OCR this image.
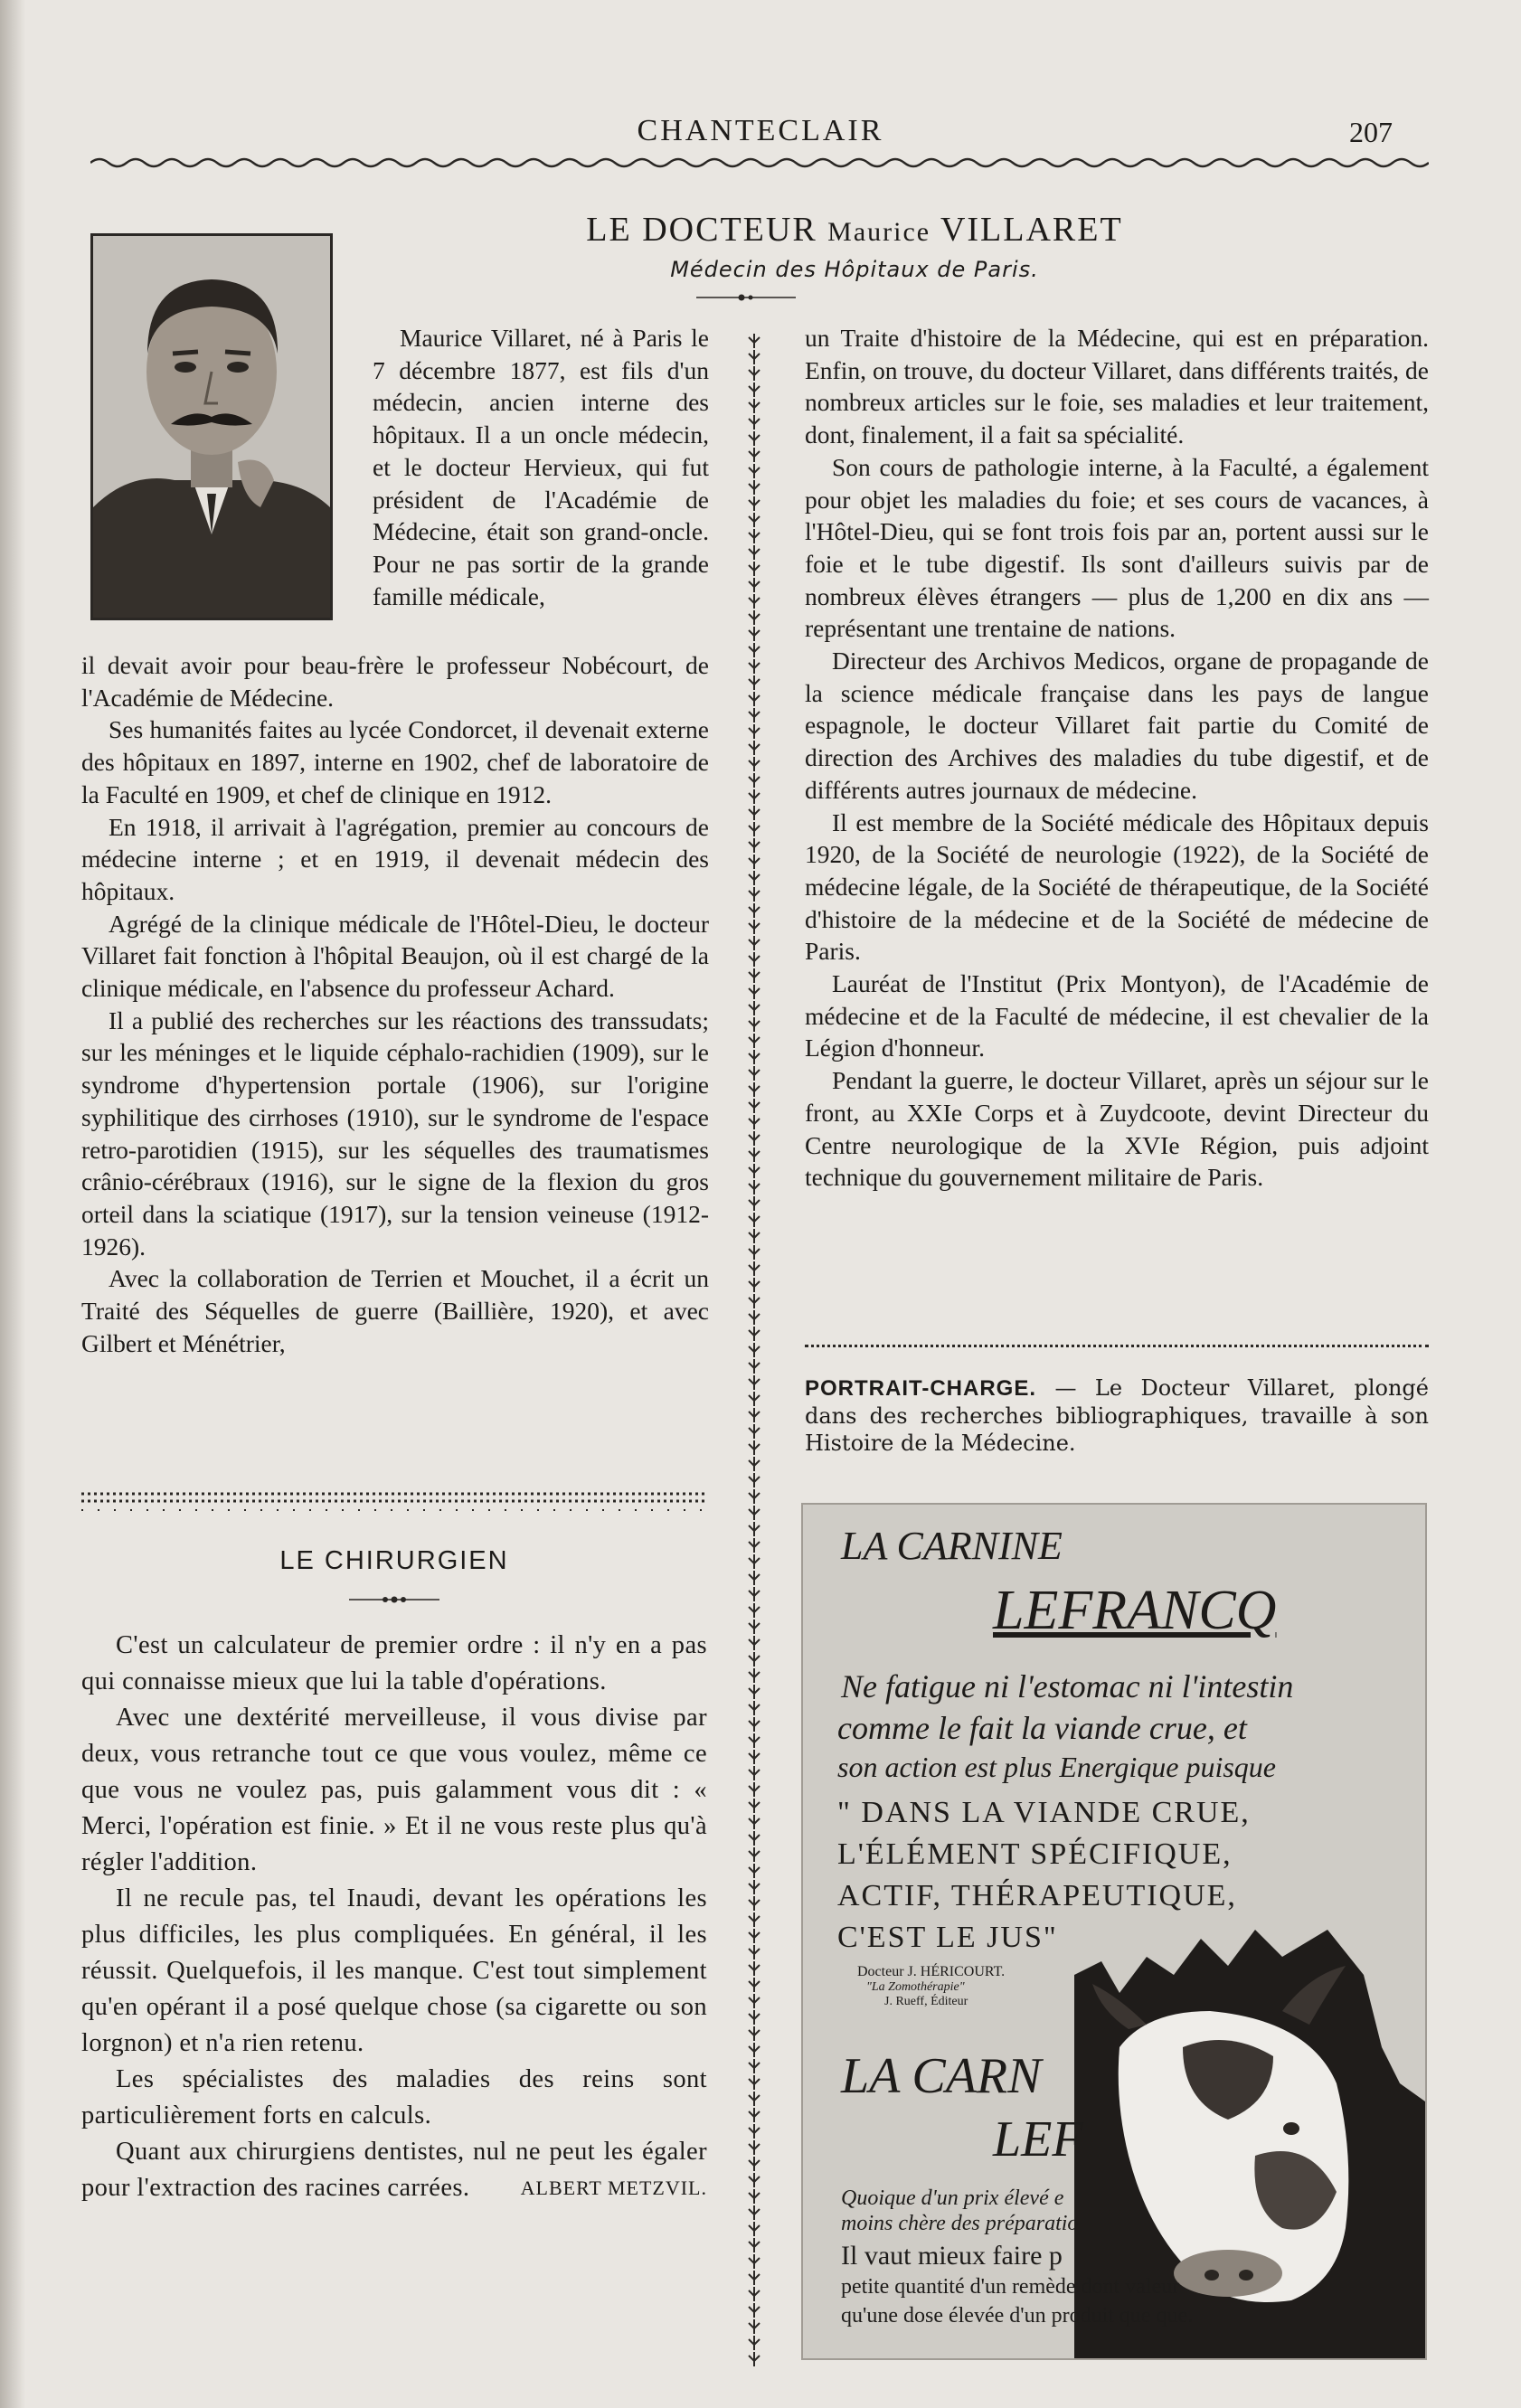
CHANTECLAIR	207
LE DOCTEUR Maurice VILLARET
Médecin des Hôpitaux de Paris.

Maurice Villaret, né à Paris le 7 décembre 1877, est fils d'un médecin, ancien interne des hôpitaux. Il a un oncle médecin, et le docteur Hervieux, qui fut président de l'Académie de Médecine, était son grand-oncle. Pour ne pas sortir de la grande famille médicale,

il devait avoir pour beau-frère le professeur Nobécourt, de l'Académie de Médecine.

Ses humanités faites au lycée Condorcet, il devenait externe des hôpitaux en 1897, interne en 1902, chef de laboratoire de la Faculté en 1909, et chef de clinique en 1912.

En 1918, il arrivait à l'agrégation, premier au concours de médecine interne ; et en 1919, il devenait médecin des hôpitaux.

Agrégé de la clinique médicale de l'Hôtel-Dieu, le docteur Villaret fait fonction à l'hôpital Beaujon, où il est chargé de la clinique médicale, en l'absence du professeur Achard.

Il a publié des recherches sur les réactions des transsudats; sur les méninges et le liquide céphalo-rachidien (1909), sur le syndrome d'hypertension portale (1906), sur l'origine syphilitique des cirrhoses (1910), sur le syndrome de l'espace retro-parotidien (1915), sur les séquelles des traumatismes crânio-cérébraux (1916), sur le signe de la flexion du gros orteil dans la sciatique (1917), sur la tension veineuse (1912-1926).

Avec la collaboration de Terrien et Mouchet, il a écrit un Traité des Séquelles de guerre (Baillière, 1920), et avec Gilbert et Ménétrier,

un Traite d'histoire de la Médecine, qui est en préparation. Enfin, on trouve, du docteur Villaret, dans différents traités, de nombreux articles sur le foie, ses maladies et leur traitement, dont, finalement, il a fait sa spécialité.

Son cours de pathologie interne, à la Faculté, a également pour objet les maladies du foie; et ses cours de vacances, à l'Hôtel-Dieu, qui se font trois fois par an, portent aussi sur le foie et le tube digestif. Ils sont d'ailleurs suivis par de nombreux élèves étrangers — plus de 1,200 en dix ans — représentant une trentaine de nations.

Directeur des Archivos Medicos, organe de propagande de la science médicale française dans les pays de langue espagnole, le docteur Villaret fait partie du Comité de direction des Archives des maladies du tube digestif, et de différents autres journaux de médecine.

Il est membre de la Société médicale des Hôpitaux depuis 1920, de la Société de neurologie (1922), de la Société de médecine légale, de la Société de thérapeutique, de la Société d'histoire de la médecine et de la Société de médecine de Paris.

Lauréat de l'Institut (Prix Montyon), de l'Académie de médecine et de la Faculté de médecine, il est chevalier de la Légion d'honneur.

Pendant la guerre, le docteur Villaret, après un séjour sur le front, au XXIe Corps et à Zuydcoote, devint Directeur du Centre neurologique de la XVIe Région, puis adjoint technique du gouvernement militaire de Paris.

LE CHIRURGIEN

C'est un calculateur de premier ordre : il n'y en a pas qui connaisse mieux que lui la table d'opérations.

Avec une dextérité merveilleuse, il vous divise par deux, vous retranche tout ce que vous voulez, même ce que vous ne voulez pas, puis galamment vous dit : « Merci, l'opération est finie. » Et il ne vous reste plus qu'à régler l'addition.

Il ne recule pas, tel Inaudi, devant les opérations les plus difficiles, les plus compliquées. En général, il les réussit. Quelquefois, il les manque. C'est tout simplement qu'en opérant il a posé quelque chose (sa cigarette ou son lorgnon) et n'a rien retenu.

Les spécialistes des maladies des reins sont particulièrement forts en calculs.

Quant aux chirurgiens dentistes, nul ne peut les égaler pour l'extraction des racines carrées.	ALBERT METZVIL.

PORTRAIT-CHARGE. — Le Docteur Villaret, plongé dans des recherches bibliographiques, travaille à son Histoire de la Médecine.
LA CARNINE
LEFRANCQ
Ne fatigue ni l'estomac ni l'intestin
comme le fait la viande crue, et
son action est plus Energique puisque
" DANS LA VIANDE CRUE,
L'ÉLÉMENT SPÉCIFIQUE,
ACTIF, THÉRAPEUTIQUE,
C'EST LE JUS"
Docteur J. HÉRICOURT.
"La Zomothérapie"
J. Rueff, Éditeur
LA CARN
LEF
Quoique d'un prix élevé e
moins chère des préparatio
Il vaut mieux faire p
petite quantité d'un remède dont valeur
qu'une dose élevée d'un produit que que.
